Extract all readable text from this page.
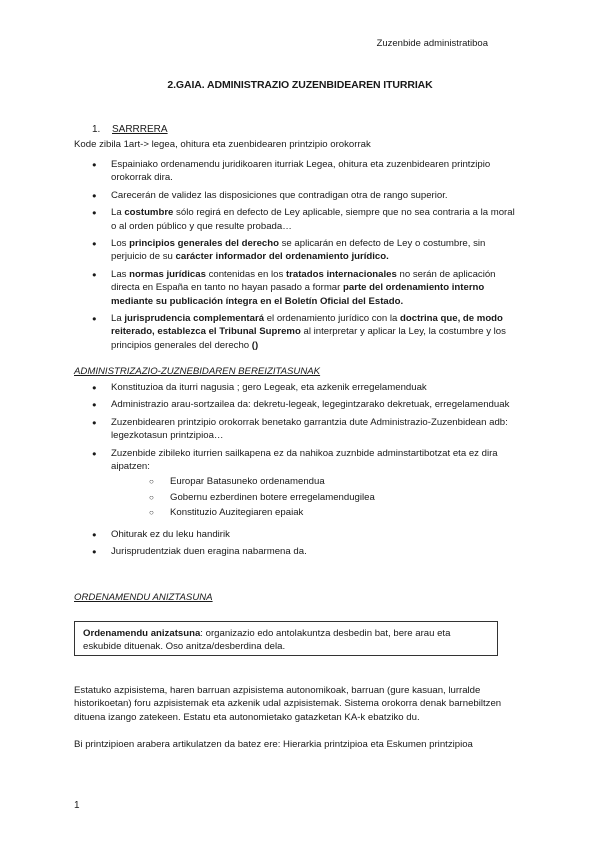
Zuzenbide administratiboa
2.GAIA. ADMINISTRAZIO ZUZENBIDEAREN ITURRIAK
1. SARRRERA
Kode zibila 1art-> legea, ohitura eta zuenbidearen printzipio orokorrak
● Espainiako ordenamendu juridikoaren iturriak Legea, ohitura eta zuzenbidearen printzipio orokorrak dira.
● Carecerán de validez las disposiciones que contradigan otra de rango superior.
● La costumbre sólo regirá en defecto de Ley aplicable, siempre que no sea contraria a la moral o al orden público y que resulte probada…
● Los principios generales del derecho se aplicarán en defecto de Ley o costumbre, sin perjuicio de su carácter informador del ordenamiento jurídico.
● Las normas jurídicas contenidas en los tratados internacionales no serán de aplicación directa en España en tanto no hayan pasado a formar parte del ordenamiento interno mediante su publicación íntegra en el Boletín Oficial del Estado.
● La jurisprudencia complementará el ordenamiento jurídico con la doctrina que, de modo reiterado, establezca el Tribunal Supremo al interpretar y aplicar la Ley, la costumbre y los principios generales del derecho ()
ADMINISTRIZAZIO-ZUZNEBIDAREN BEREIZITASUNAK
● Konstituzioa da iturri nagusia ; gero Legeak, eta azkenik erregelamenduak
● Administrazio arau-sortzailea da: dekretu-legeak, legegintzarako dekretuak, erregelamenduak
● Zuzenbidearen printzipio orokorrak benetako garrantzia dute Administrazio-Zuzenbidean adb: legezkotasun printzipioa…
● Zuzenbide zibileko iturrien sailkapena ez da nahikoa zuznbide adminstartibotzat eta ez dira aipatzen:
○ Europar Batasuneko ordenamendua
○ Gobernu ezberdinen botere erregelamendugilea
○ Konstituzio Auzitegiaren epaiak
● Ohiturak ez du leku handirik
● Jurisprudentziak duen eragina nabarmena da.
ORDENAMENDU ANIZTASUNA
Ordenamendu anizatsuna: organizazio edo antolakuntza desbedin bat, bere arau eta eskubide dituenak. Oso anitza/desberdina dela.
Estatuko azpisistema, haren barruan azpisistema autonomikoak, barruan (gure kasuan, lurralde historikoetan) foru azpisistemak eta azkenik udal azpisistemak. Sistema orokorra denak barnebiltzen dituena izango zatekeen. Estatu eta autonomietako gatazketan KA-k ebatziko du.
Bi printzipioen arabera artikulatzen da batez ere: Hierarkia printzipioa eta Eskumen printzipioa
1
